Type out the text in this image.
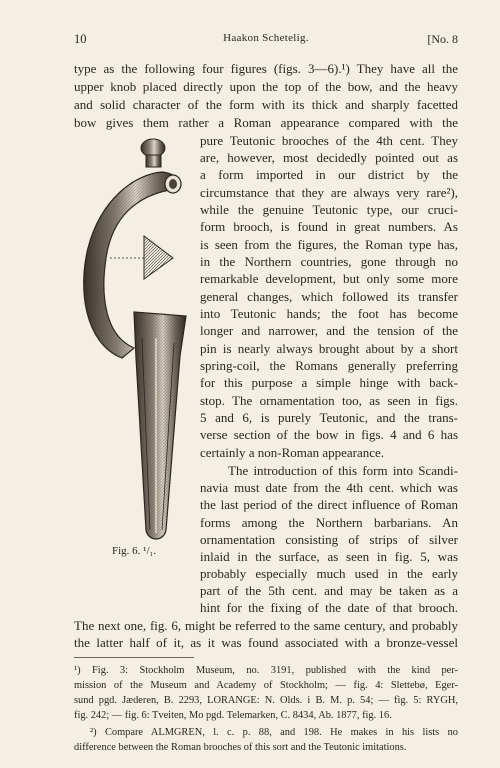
10	Haakon Schetelig.	[No. 8
Fig. 6. ¹/₁.
type as the following four figures (figs. 3—6).¹) They have all the
upper knob placed directly upon the top of the bow, and the heavy
and solid character of the form with its thick and sharply facetted
bow gives them rather a Roman appearance compared with the
pure Teutonic brooches of the 4th cent. They
are, however, most decidedly pointed out as
a form imported in our district by the
circumstance that they are always very rare²),
while the genuine Teutonic type, our cruci-
form brooch, is found in great numbers. As
is seen from the figures, the Roman type has,
in the Northern countries, gone through no
remarkable development, but only some more
general changes, which followed its transfer
into Teutonic hands; the foot has become
longer and narrower, and the tension of the
pin is nearly always brought about by a short
spring-coil, the Romans generally preferring
for this purpose a simple hinge with back-
stop. The ornamentation too, as seen in figs.
5 and 6, is purely Teutonic, and the trans-
verse section of the bow in figs. 4 and 6 has
certainly a non-Roman appearance.
The introduction of this form into Scandi-
navia must date from the 4th cent. which was
the last period of the direct influence of Roman
forms among the Northern barbarians. An
ornamentation consisting of strips of silver
inlaid in the surface, as seen in fig. 5, was
probably especially much used in the early
part of the 5th cent. and may be taken as a
hint for the fixing of the date of that brooch.
The next one, fig. 6, might be referred to the same century, and probably
the latter half of it, as it was found associated with a bronze-vessel
¹) Fig. 3: Stockholm Museum, no. 3191, published with the kind per-
mission of the Museum and Academy of Stockholm; — fig. 4: Slettebø, Eger-
sund pgd. Jæderen, B. 2293, LORANGE: N. Olds. i B. M. p. 54; — fig. 5: RYGH,
fig. 242; — fig. 6: Tveiten, Mo pgd. Telemarken, C. 8434, Ab. 1877, fig. 16.
²) Compare ALMGREN, l. c. p. 88, and 198. He makes in his lists no
difference between the Roman brooches of this sort and the Teutonic imitations.
